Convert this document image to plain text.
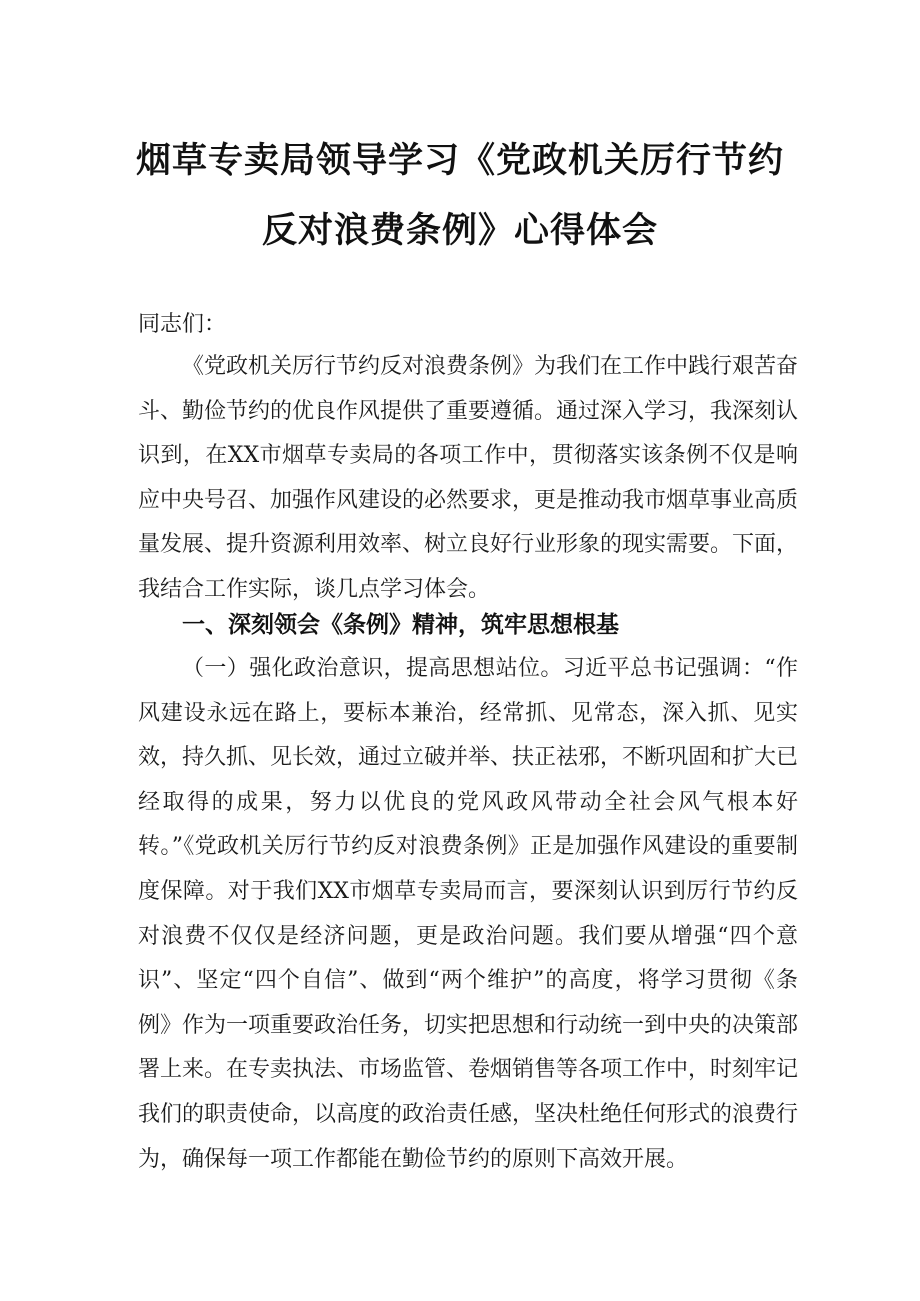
烟草专卖局领导学习《党政机关厉行节约
反对浪费条例》心得体会
同志们：

《党政机关厉行节约反对浪费条例》为我们在工作中践行艰苦奋斗、勤俭节约的优良作风提供了重要遵循。通过深入学习，我深刻认识到，在XX市烟草专卖局的各项工作中，贯彻落实该条例不仅是响应中央号召、加强作风建设的必然要求，更是推动我市烟草事业高质量发展、提升资源利用效率、树立良好行业形象的现实需要。下面，我结合工作实际，谈几点学习体会。

一、深刻领会《条例》精神，筑牢思想根基

（一）强化政治意识，提高思想站位。习近平总书记强调：“作风建设永远在路上，要标本兼治，经常抓、见常态，深入抓、见实效，持久抓、见长效，通过立破并举、扶正祛邪，不断巩固和扩大已经取得的成果，努力以优良的党风政风带动全社会风气根本好转。”《党政机关厉行节约反对浪费条例》正是加强作风建设的重要制度保障。对于我们XX市烟草专卖局而言，要深刻认识到厉行节约反对浪费不仅仅是经济问题，更是政治问题。我们要从增强“四个意识”、坚定“四个自信”、做到“两个维护”的高度，将学习贯彻《条例》作为一项重要政治任务，切实把思想和行动统一到中央的决策部署上来。在专卖执法、市场监管、卷烟销售等各项工作中，时刻牢记我们的职责使命，以高度的政治责任感，坚决杜绝任何形式的浪费行为，确保每一项工作都能在勤俭节约的原则下高效开展。
